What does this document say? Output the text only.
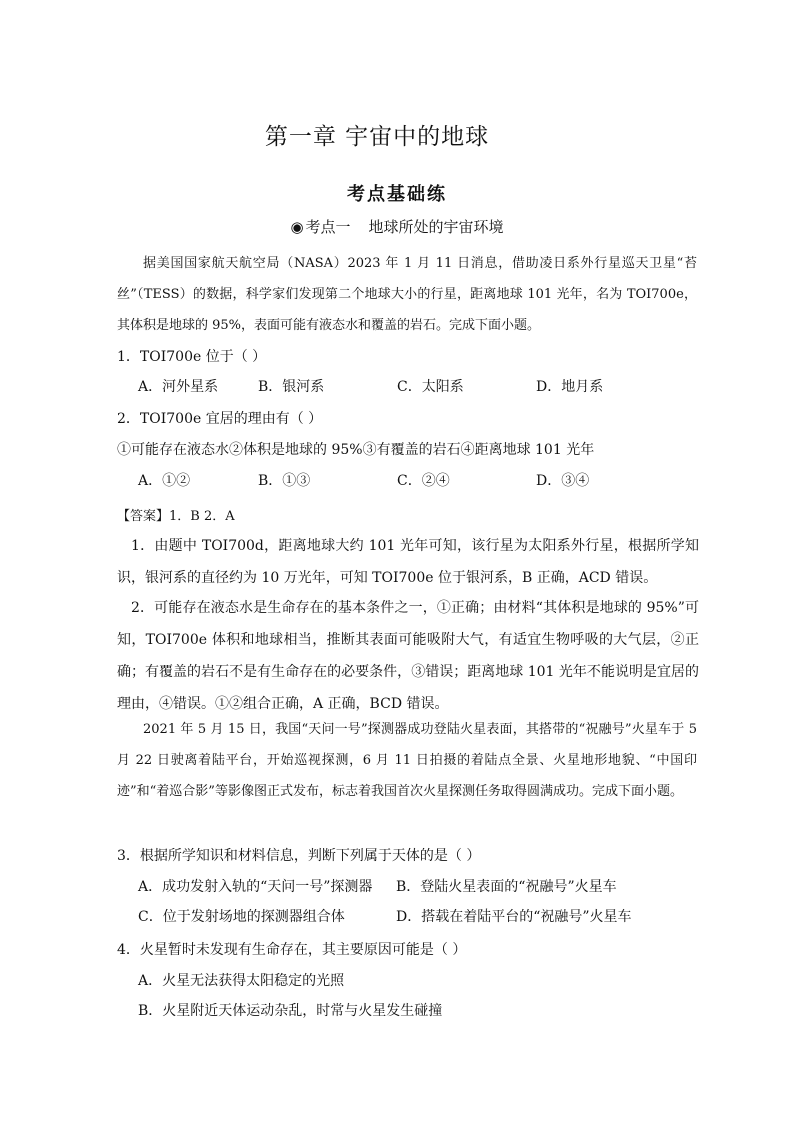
第一章 宇宙中的地球
考点基础练
◉ 考点一 地球所处的宇宙环境

据美国国家航天航空局（NASA）2023 年 1 月 11 日消息，借助凌日系外行星巡天卫星“苔丝”（TESS）的数据，科学家们发现第二个地球大小的行星，距离地球 101 光年，名为 TOI700e，其体积是地球的 95%，表面可能有液态水和覆盖的岩石。完成下面小题。

1．TOI700e 位于（ ）
A．河外星系	B．银河系	C．太阳系	D．地月系
2．TOI700e 宜居的理由有（ ）
①可能存在液态水②体积是地球的 95%③有覆盖的岩石④距离地球 101 光年
A．①②	B．①③	C．②④	D．③④
【答案】1．B 2．A

1．由题中 TOI700d，距离地球大约 101 光年可知，该行星为太阳系外行星，根据所学知识，银河系的直径约为 10 万光年，可知 TOI700e 位于银河系，B 正确，ACD 错误。

2．可能存在液态水是生命存在的基本条件之一，①正确；由材料“其体积是地球的 95%”可知，TOI700e 体积和地球相当，推断其表面可能吸附大气，有适宜生物呼吸的大气层，②正确；有覆盖的岩石不是有生命存在的必要条件，③错误；距离地球 101 光年不能说明是宜居的理由，④错误。①②组合正确，A 正确，BCD 错误。

2021 年 5 月 15 日，我国“天问一号”探测器成功登陆火星表面，其搭带的“祝融号”火星车于 5 月 22 日驶离着陆平台，开始巡视探测，6 月 11 日拍摄的着陆点全景、火星地形地貌、“中国印迹”和“着巡合影”等影像图正式发布，标志着我国首次火星探测任务取得圆满成功。完成下面小题。

3．根据所学知识和材料信息，判断下列属于天体的是（ ）
A．成功发射入轨的“天问一号”探测器 B．登陆火星表面的“祝融号”火星车
C．位于发射场地的探测器组合体	D．搭载在着陆平台的“祝融号”火星车
4．火星暂时未发现有生命存在，其主要原因可能是（ ）
A．火星无法获得太阳稳定的光照
B．火星附近天体运动杂乱，时常与火星发生碰撞
